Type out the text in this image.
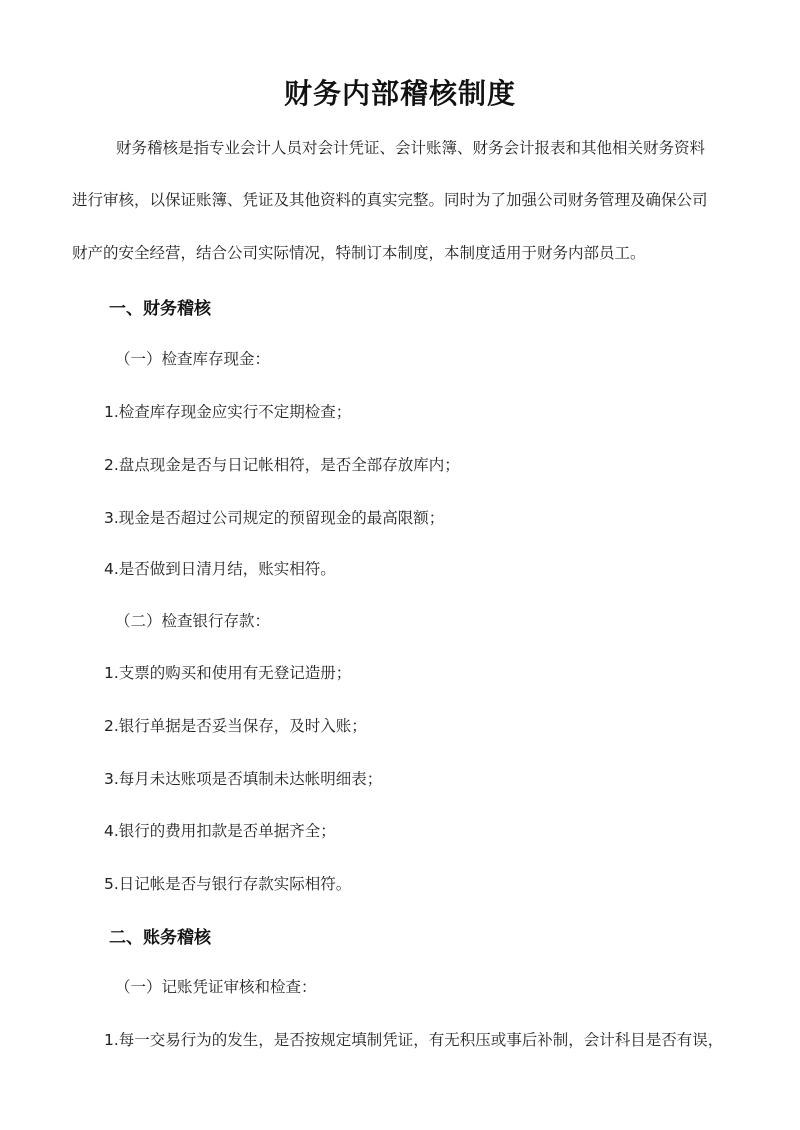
财务内部稽核制度
财务稽核是指专业会计人员对会计凭证、会计账簿、财务会计报表和其他相关财务资料
进行审核，以保证账簿、凭证及其他资料的真实完整。同时为了加强公司财务管理及确保公司
财产的安全经营，结合公司实际情况，特制订本制度，本制度适用于财务内部员工。
一、财务稽核
（一）检查库存现金：
1.检查库存现金应实行不定期检查；
2.盘点现金是否与日记帐相符，是否全部存放库内；
3.现金是否超过公司规定的预留现金的最高限额；
4.是否做到日清月结，账实相符。
（二）检查银行存款：
1.支票的购买和使用有无登记造册；
2.银行单据是否妥当保存，及时入账；
3.每月未达账项是否填制未达帐明细表；
4.银行的费用扣款是否单据齐全；
5.日记帐是否与银行存款实际相符。
二、账务稽核
（一）记账凭证审核和检查：
1.每一交易行为的发生，是否按规定填制凭证，有无积压或事后补制，会计科目是否有误，
